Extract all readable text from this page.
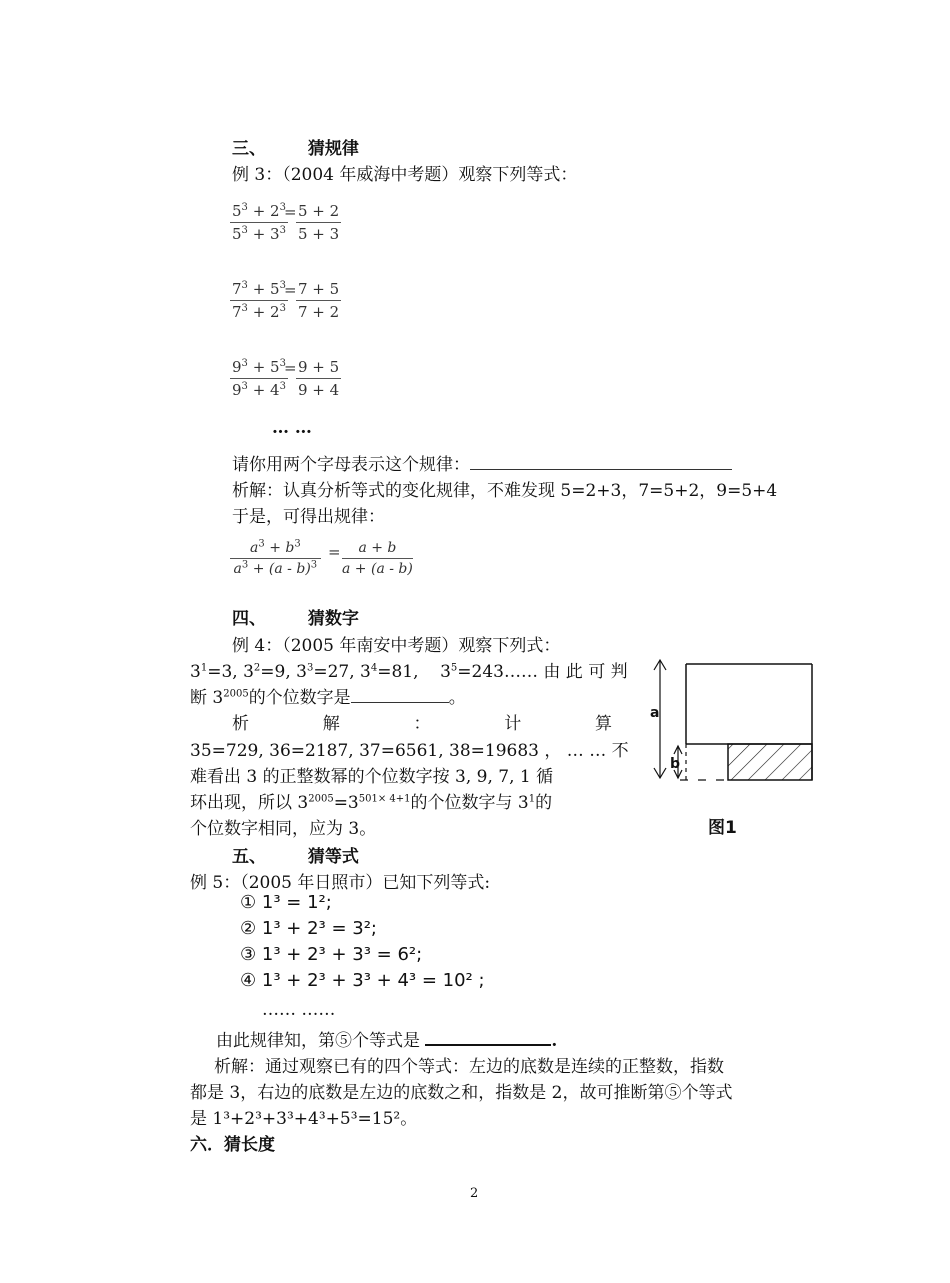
三、 猜规律
例 3：（2004 年威海中考题）观察下列等式：
$\frac{5^3 + 2^3}{5^3 + 3^3}$
= $\frac{5 + 2}{5 + 3}$
$\frac{7^3 + 5^3}{7^3 + 2^3}$
= $\frac{7 + 5}{7 + 2}$
$\frac{9^3 + 5^3}{9^3 + 4^3}$
= $\frac{9 + 5}{9 + 4}$
… …
请你用两个字母表示这个规律：
析解：认真分析等式的变化规律，不难发现 5=2+3，7=5+2，9=5+4
于是，可得出规律：
$\frac{a^3 + b^3}{a^3 + (a - b)^3} = \frac{a + b}{a + (a - b)}$
四、 猜数字
例 4：（2005 年南安中考题）观察下列式：
$3^1=3$, $3^2=9$, $3^3=27$, $3^4=81$,    $3^5=243\dots\dots$ 由 此 可 判
断 $3^{2005}$的个位数字是	。
析 解 ： 计 算
35=729, 36=2187, 37=6561, 38=19683 ， … … 不
难看出 3 的正整数幂的个位数字按 3, 9, 7, 1 循
环出现，所以 $3^{2005}=3^{501\times 4+1}$的个位数字与 $3^1$的
个位数字相同，应为 3。
a
b
图1
五、 猜等式
例 5：（2005 年日照市）已知下列等式:
① 1³ = 1²;
② 1³ + 2³ = 3²;
③ 1³ + 2³ + 3³ = 6²;
④ 1³ + 2³ + 3³ + 4³ = 10² ;
…… ……
由此规律知，第⑤个等式是	.
析解：通过观察已有的四个等式：左边的底数是连续的正整数，指数
都是 3，右边的底数是左边的底数之和，指数是 2，故可推断第⑤个等式
是 1³+2³+3³+4³+5³=15²。
六．猜长度
2
